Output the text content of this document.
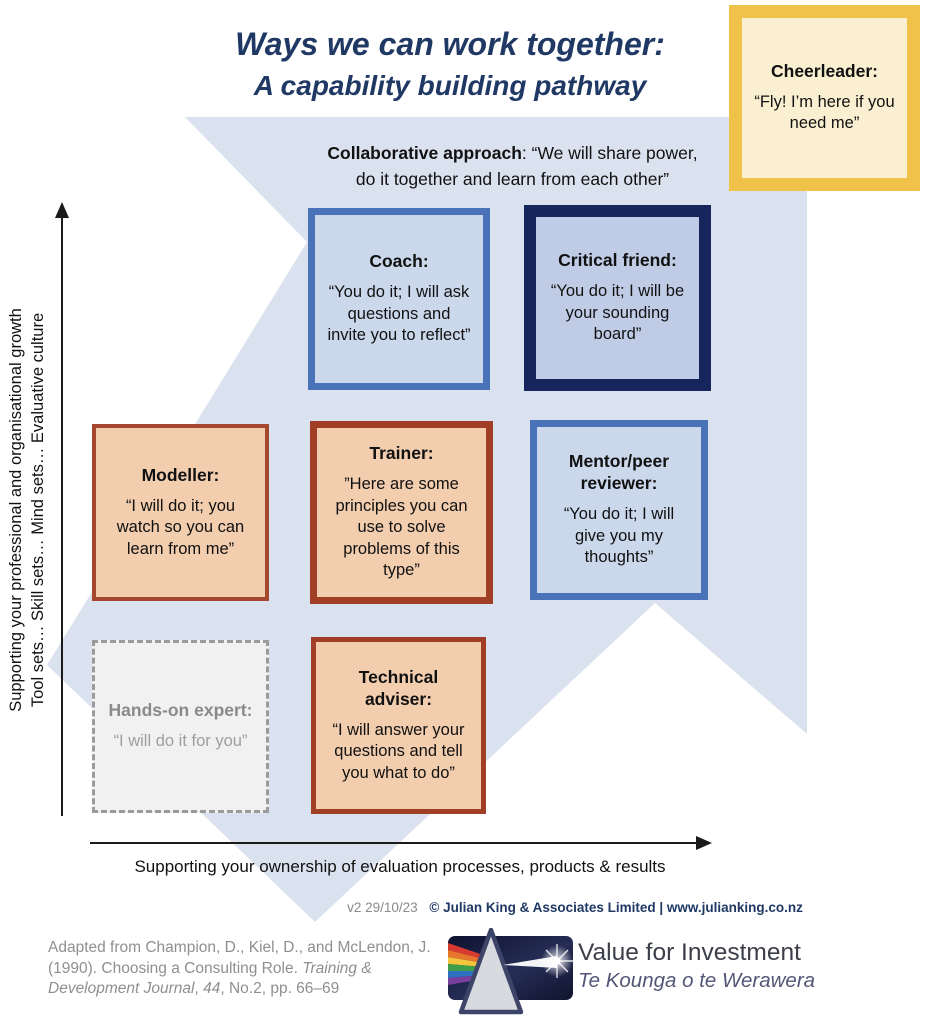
Ways we can work together:
A capability building pathway
Collaborative approach: “We will share power,
do it together and learn from each other”
Cheerleader:
“Fly! I’m here if you need me”
Coach:
“You do it; I will ask questions and invite you to reflect”
Critical friend:
“You do it; I will be your sounding board”
Modeller:
“I will do it; you watch so you can learn from me”
Trainer:
”Here are some principles you can use to solve problems of this type”
Mentor/peer reviewer:
“You do it; I will give you my thoughts”
Hands-on expert:
“I will do it for you”
Technical adviser:
“I will answer your questions and tell you what to do”
Supporting your professional and organisational growth Tool sets… Skill sets… Mind sets… Evaluative culture
Supporting your ownership of evaluation processes, products & results
v2 29/10/23 © Julian King & Associates Limited | www.julianking.co.nz
Adapted from Champion, D., Kiel, D., and McLendon, J. (1990). Choosing a Consulting Role. Training & Development Journal, 44, No.2, pp. 66–69
Value for Investment
Te Kounga o te Werawera
